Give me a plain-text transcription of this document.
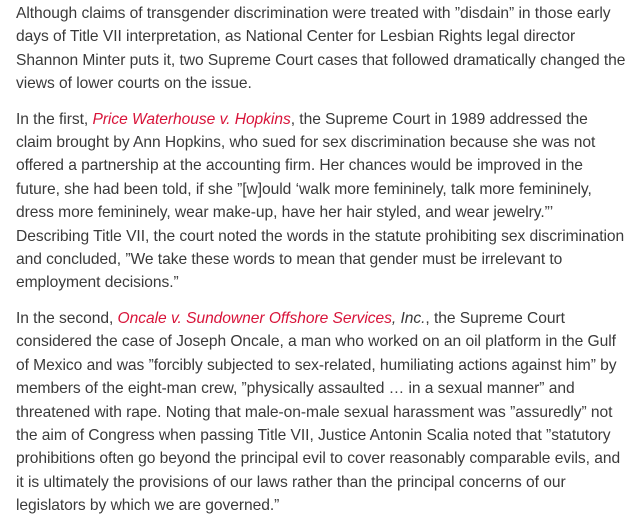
Although claims of transgender discrimination were treated with ”disdain” in those early days of Title VII interpretation, as National Center for Lesbian Rights legal director Shannon Minter puts it, two Supreme Court cases that followed dramatically changed the views of lower courts on the issue.

In the first, Price Waterhouse v. Hopkins, the Supreme Court in 1989 addressed the claim brought by Ann Hopkins, who sued for sex discrimination because she was not offered a partnership at the accounting firm. Her chances would be improved in the future, she had been told, if she ”[w]ould ‘walk more femininely, talk more femininely, dress more femininely, wear make-up, have her hair styled, and wear jewelry.”’ Describing Title VII, the court noted the words in the statute prohibiting sex discrimination and concluded, ”We take these words to mean that gender must be irrelevant to employment decisions.”

In the second, Oncale v. Sundowner Offshore Services, Inc., the Supreme Court considered the case of Joseph Oncale, a man who worked on an oil platform in the Gulf of Mexico and was ”forcibly subjected to sex-related, humiliating actions against him” by members of the eight-man crew, ”physically assaulted … in a sexual manner” and threatened with rape. Noting that male-on-male sexual harassment was ”assuredly” not the aim of Congress when passing Title VII, Justice Antonin Scalia noted that ”statutory prohibitions often go beyond the principal evil to cover reasonably comparable evils, and it is ultimately the provisions of our laws rather than the principal concerns of our legislators by which we are governed.”
